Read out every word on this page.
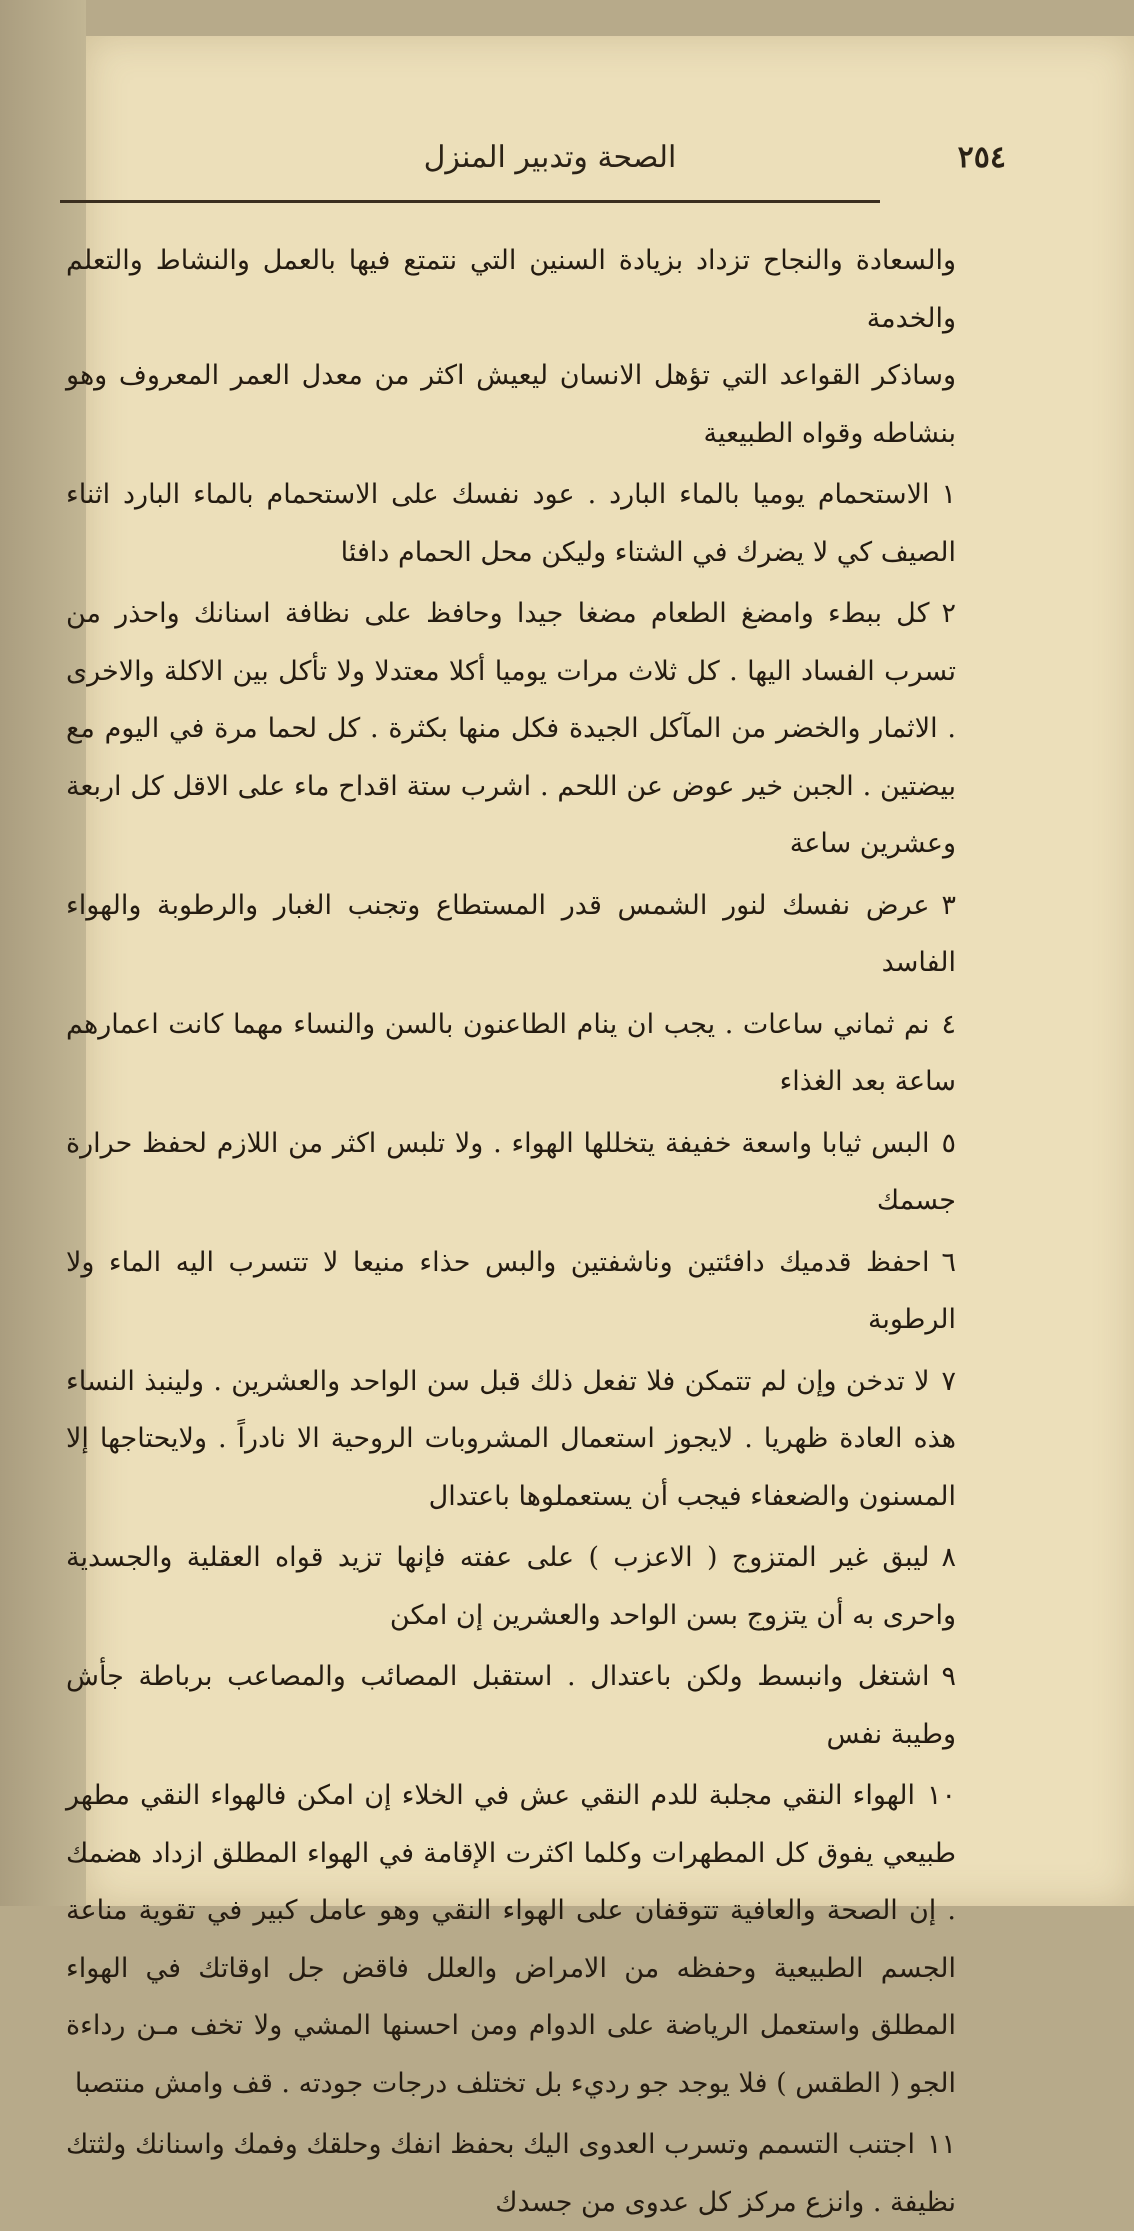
الصحة وتدبير المنزل	٢٥٤

والسعادة والنجاح تزداد بزيادة السنين التي نتمتع فيها بالعمل والنشاط والتعلم والخدمة

وساذكر القواعد التي تؤهل الانسان ليعيش اكثر من معدل العمر المعروف وهو بنشاطه وقواه الطبيعية

١الاستحمام يوميا بالماء البارد . عود نفسك على الاستحمام بالماء البارد اثناء الصيف كي لا يضرك في الشتاء وليكن محل الحمام دافئا

٢كل ببطء وامضغ الطعام مضغا جيدا وحافظ على نظافة اسنانك واحذر من تسرب الفساد اليها . كل ثلاث مرات يوميا أكلا معتدلا ولا تأكل بين الاكلة والاخرى . الاثمار والخضر من المآكل الجيدة فكل منها بكثرة . كل لحما مرة في اليوم مع بيضتين . الجبن خير عوض عن اللحم . اشرب ستة اقداح ماء على الاقل كل اربعة وعشرين ساعة

٣عرض نفسك لنور الشمس قدر المستطاع وتجنب الغبار والرطوبة والهواء الفاسد

٤نم ثماني ساعات . يجب ان ينام الطاعنون بالسن والنساء مهما كانت اعمارهم ساعة بعد الغذاء

٥البس ثيابا واسعة خفيفة يتخللها الهواء . ولا تلبس اكثر من اللازم لحفظ حرارة جسمك

٦احفظ قدميك دافئتين وناشفتين والبس حذاء منيعا لا تتسرب اليه الماء ولا الرطوبة

٧لا تدخن وإن لم تتمكن فلا تفعل ذلك قبل سن الواحد والعشرين . ولينبذ النساء هذه العادة ظهريا . لايجوز استعمال المشروبات الروحية الا نادراً . ولايحتاجها إلا المسنون والضعفاء فيجب أن يستعملوها باعتدال

٨ليبق غير المتزوج ( الاعزب ) على عفته فإنها تزيد قواه العقلية والجسدية واحرى به أن يتزوج بسن الواحد والعشرين إن امكن

٩اشتغل وانبسط ولكن باعتدال . استقبل المصائب والمصاعب برباطة جأش وطيبة نفس

١٠الهواء النقي مجلبة للدم النقي عش في الخلاء إن امكن فالهواء النقي مطهر طبيعي يفوق كل المطهرات وكلما اكثرت الإقامة في الهواء المطلق ازداد هضمك . إن الصحة والعافية تتوقفان على الهواء النقي وهو عامل كبير في تقوية مناعة الجسم الطبيعية وحفظه من الامراض والعلل فاقض جل اوقاتك في الهواء المطلق واستعمل الرياضة على الدوام ومن احسنها المشي ولا تخف مـن رداءة الجو ( الطقس ) فلا يوجد جو رديء بل تختلف درجات جودته . قف وامش منتصبا

١١اجتنب التسمم وتسرب العدوى اليك بحفظ انفك وحلقك وفمك واسنانك ولثتك نظيفة . وانزع مركز كل عدوى من جسدك
